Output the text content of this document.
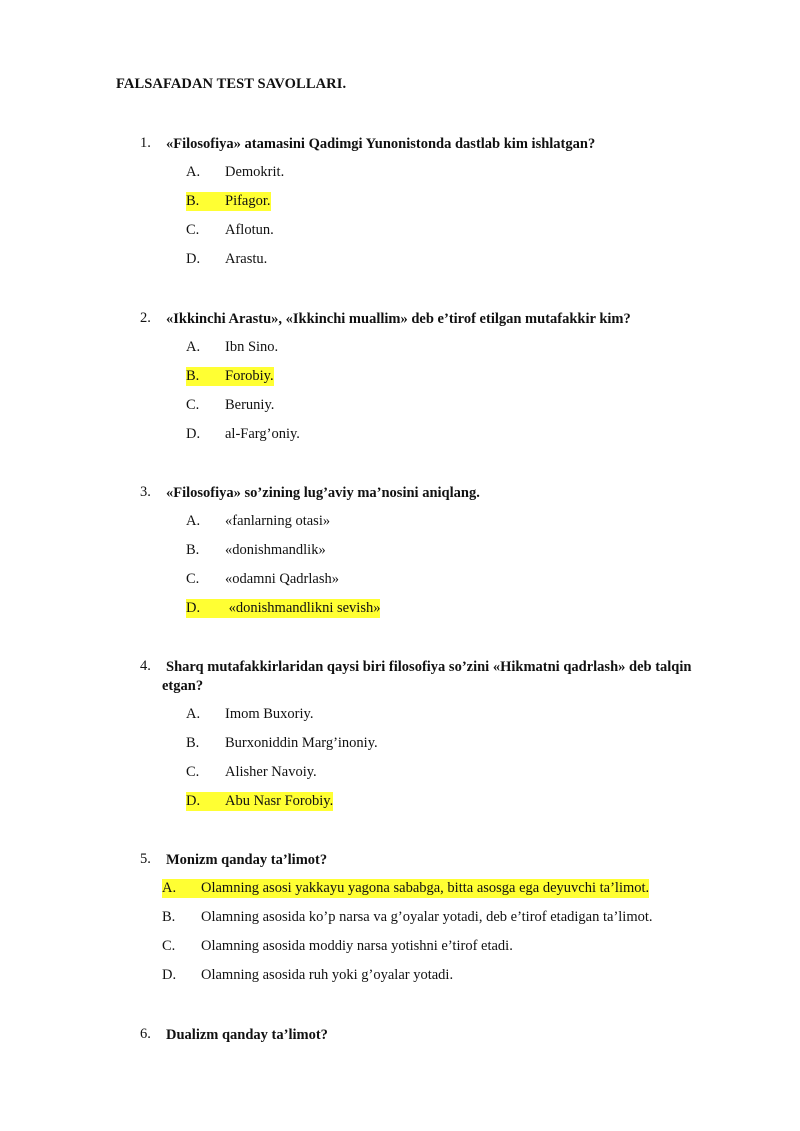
FALSAFADAN TEST SAVOLLARI.
1. «Filosofiya» atamasini Qadimgi Yunonistonda dastlab kim ishlatgan?
A. Demokrit.
B. Pifagor.
C. Aflotun.
D. Arastu.
2. «Ikkinchi Arastu», «Ikkinchi muallim» deb e’tirof etilgan mutafakkir kim?
A. Ibn Sino.
B. Forobiy.
C. Beruniy.
D. al-Farg’oniy.
3. «Filosofiya» so’zining lug’aviy ma’nosini aniqlang.
A. «fanlarning otasi»
B. «donishmandlik»
C. «odamni Qadrlash»
D. «donishmandlikni sevish»
4. Sharq mutafakkirlaridan qaysi biri filosofiya so’zini «Hikmatni qadrlash» deb talqin
etgan?
A. Imom Buxoriy.
B. Burxoniddin Marg’inoniy.
C. Alisher Navoiy.
D. Abu Nasr Forobiy.
5. Monizm qanday ta’limot?
A. Olamning asosi yakkayu yagona sababga, bitta asosga ega deyuvchi ta’limot.
B. Olamning asosida ko’p narsa va g’oyalar yotadi, deb e’tirof etadigan ta’limot.
C. Olamning asosida moddiy narsa yotishni e’tirof etadi.
D. Olamning asosida ruh yoki g’oyalar yotadi.
6. Dualizm qanday ta’limot?
